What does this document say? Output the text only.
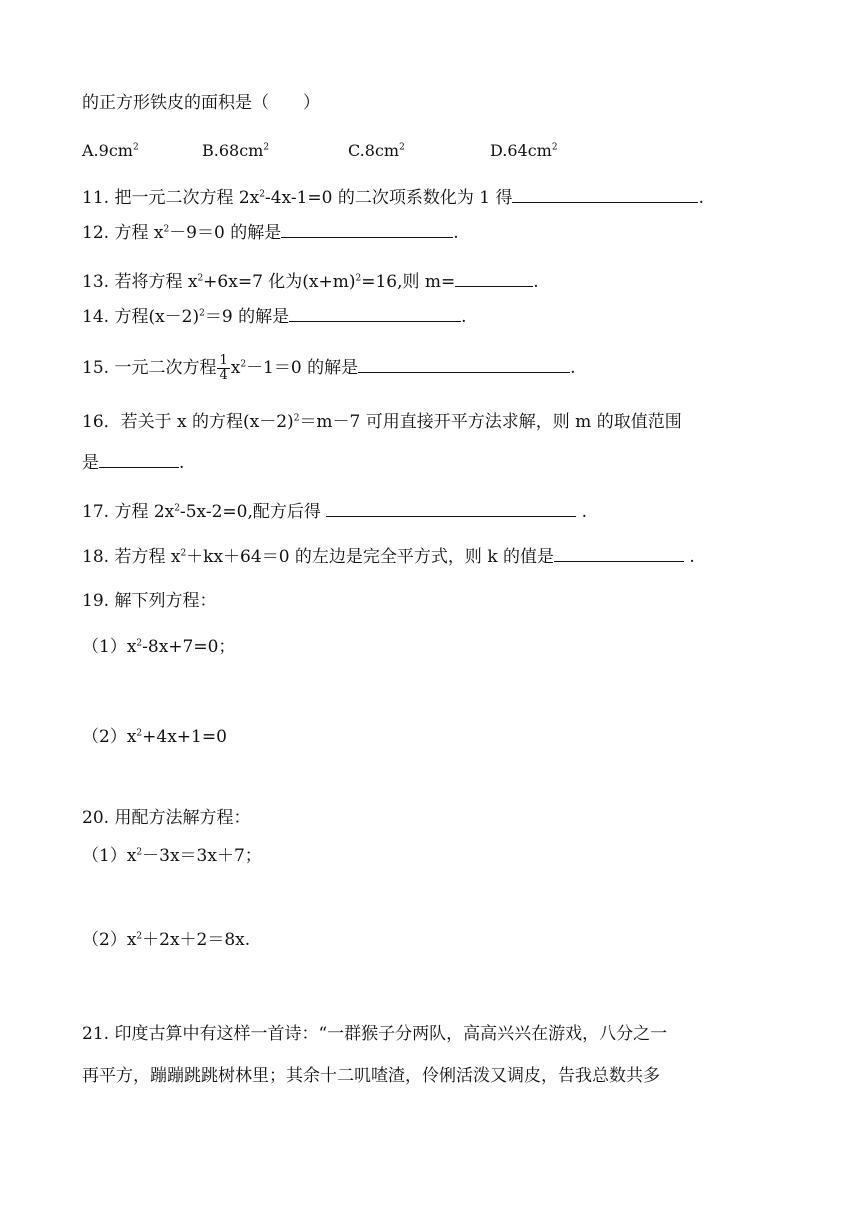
的正方形铁皮的面积是（　　）
$A.9cm^2$	$B.68cm^2$	$C.8cm^2$	$D.64cm^2$
11. 把一元二次方程 $2x^2-4x-1=0$ 的二次项系数化为 1 得	.
12. 方程 $x^2-9=0$ 的解是	.
13. 若将方程 $x^2+6x=7$ 化为$(x+m)^2=16$,则 m=	.
14. 方程$(x-2)^2=9$ 的解是	.
15. 一元二次方程 $\frac{1}{4} x^2-1=0$ 的解是	.
16．若关于 x 的方程$(x-2)^2=m-7$ 可用直接开平方法求解，则 m 的取值范围
是	.
17. 方程 $2x^2-5x-2=0$,配方后得	.
18. 若方程 $x^2+kx+64=0$ 的左边是完全平方式，则 k 的值是	.
19. 解下列方程：
$(1)x^2-8x+7=0$；
$(2)x^2+4x+1=0$
20. 用配方法解方程：
$(1)x^2-3x=3x+7$；
$(2)x^2+2x+2=8x$.
21. 印度古算中有这样一首诗：“一群猴子分两队，高高兴兴在游戏，八分之一
再平方，蹦蹦跳跳树林里；其余十二叽喳渣，伶俐活泼又调皮，告我总数共多
